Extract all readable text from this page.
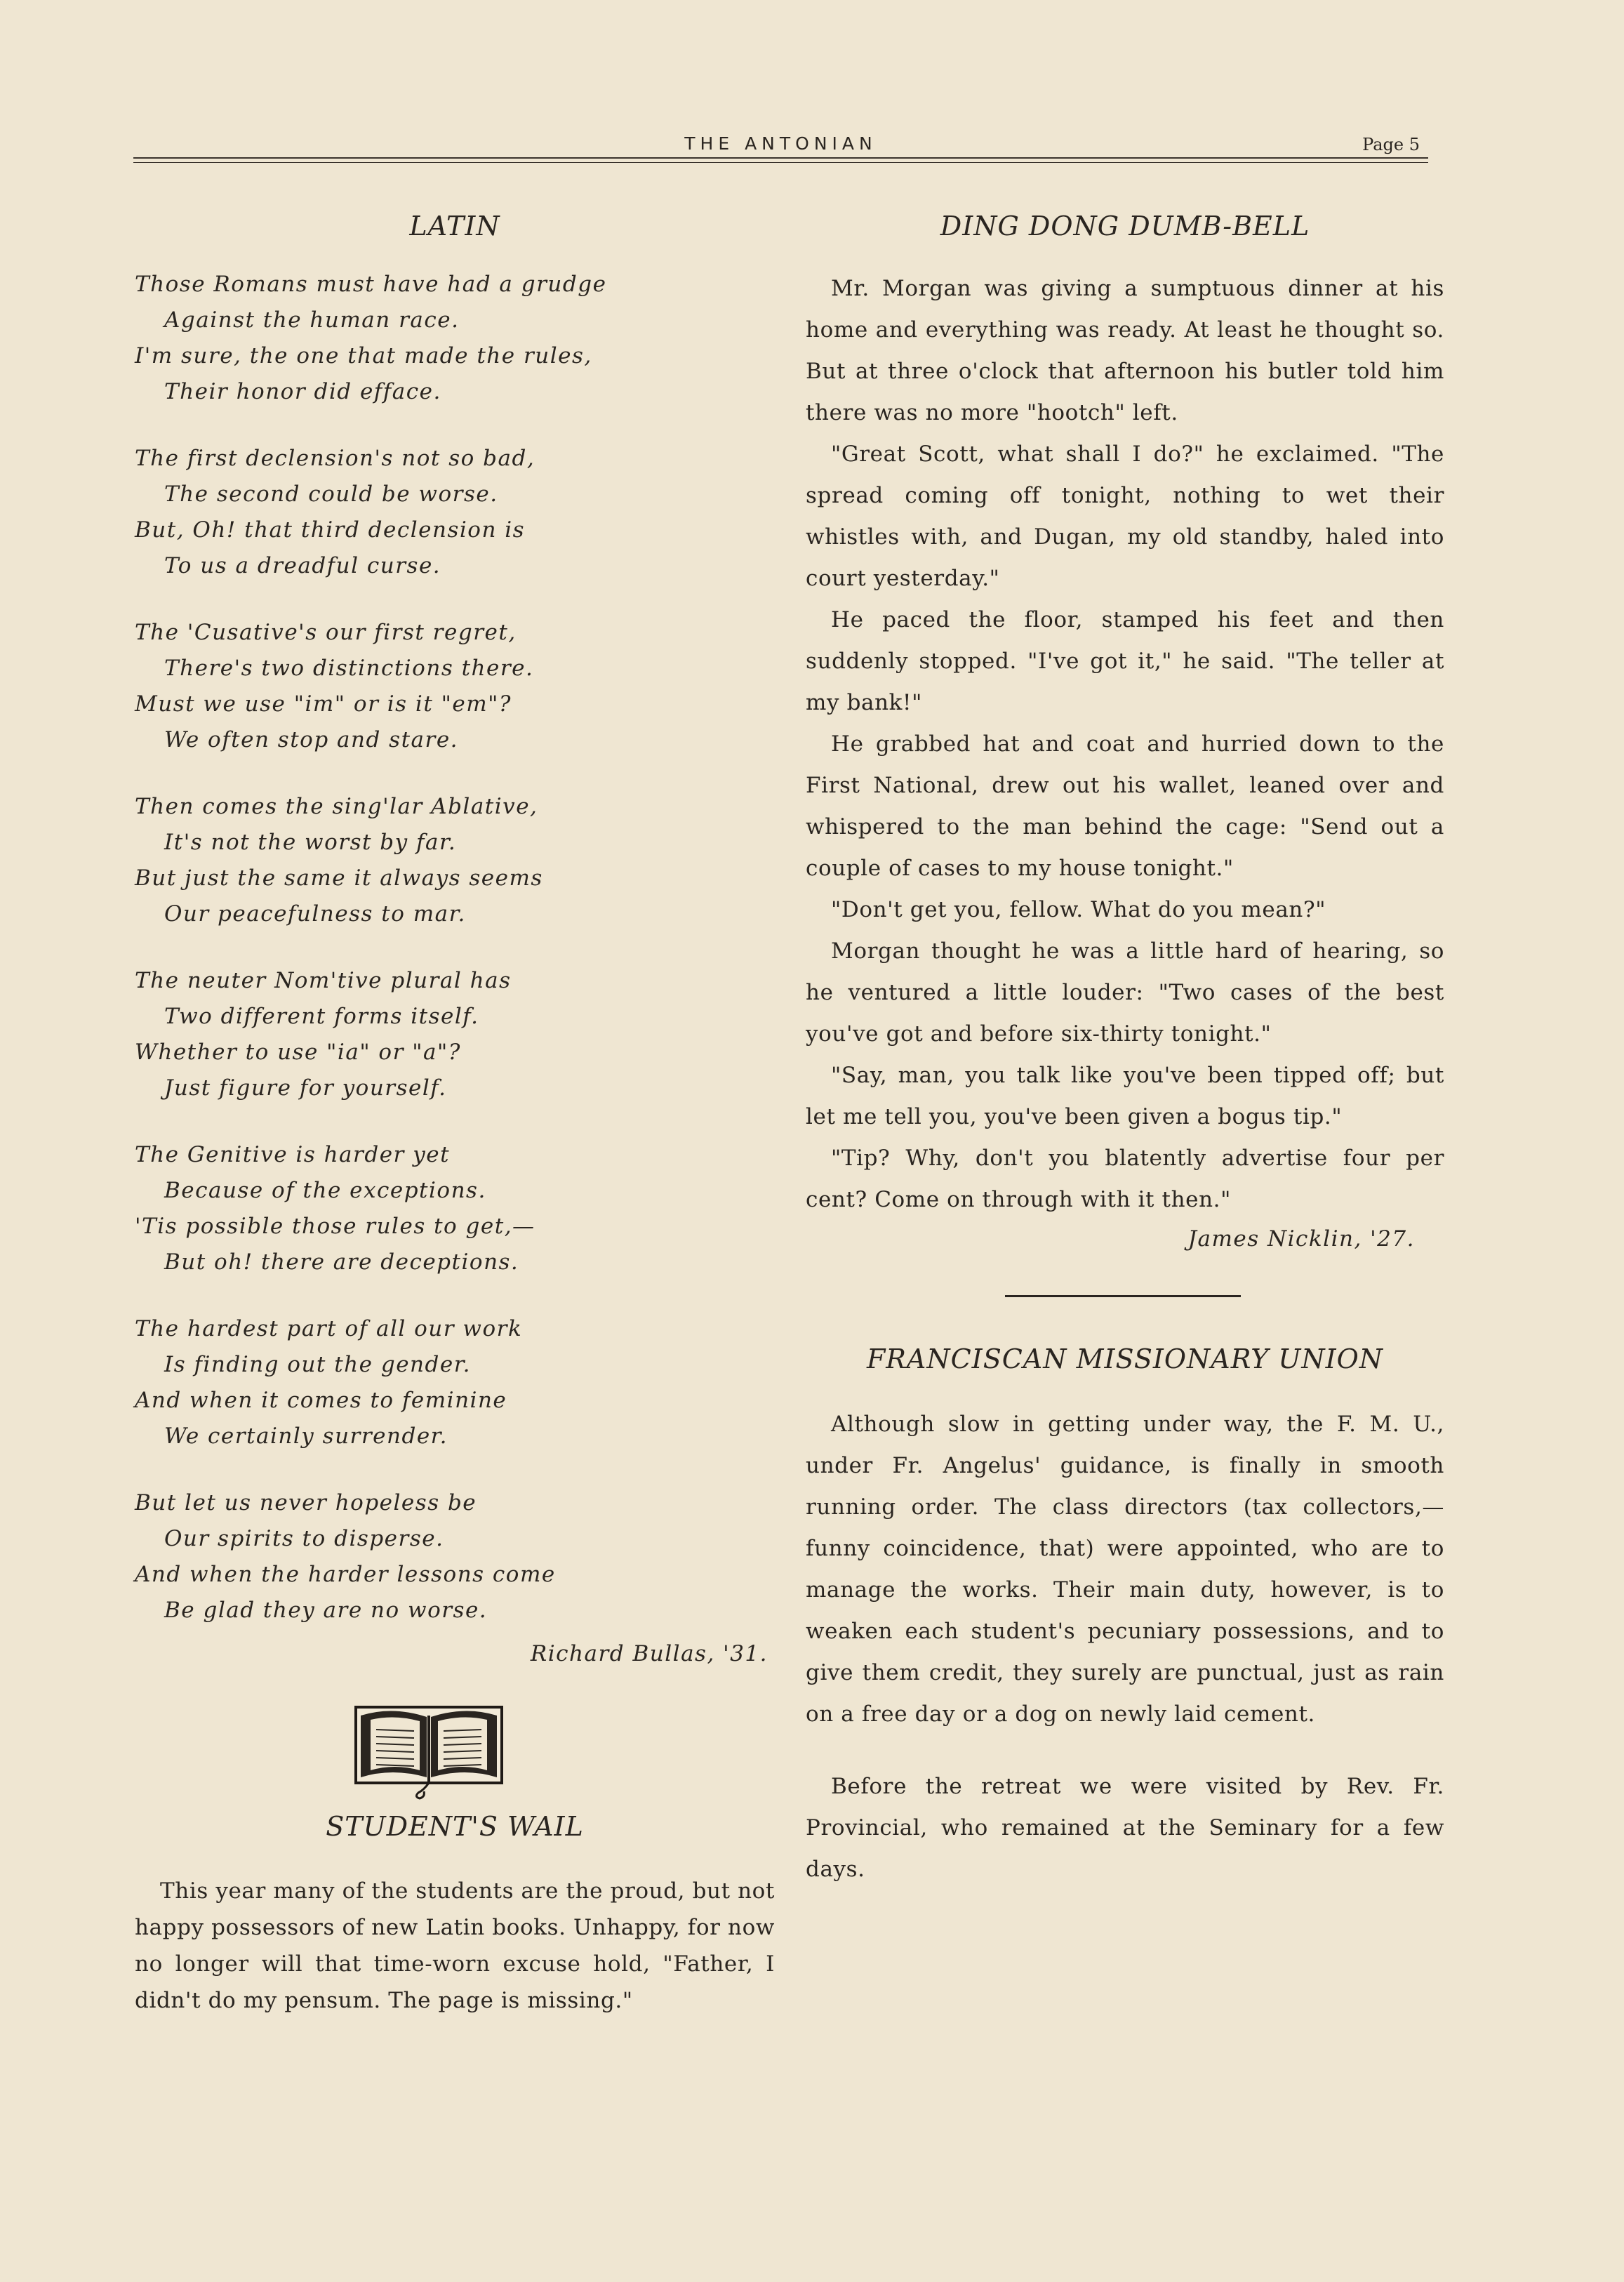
THE ANTONIAN	Page 5
LATIN
Those Romans must have had a grudge
Against the human race.
I'm sure, the one that made the rules,
Their honor did efface.
The first declension's not so bad,
The second could be worse.
But, Oh! that third declension is
To us a dreadful curse.
The 'Cusative's our first regret,
There's two distinctions there.
Must we use "im" or is it "em"?
We often stop and stare.
Then comes the sing'lar Ablative,
It's not the worst by far.
But just the same it always seems
Our peacefulness to mar.
The neuter Nom'tive plural has
Two different forms itself.
Whether to use "ia" or "a"?
Just figure for yourself.
The Genitive is harder yet
Because of the exceptions.
'Tis possible those rules to get,—
But oh! there are deceptions.
The hardest part of all our work
Is finding out the gender.
And when it comes to feminine
We certainly surrender.
But let us never hopeless be
Our spirits to disperse.
And when the harder lessons come
Be glad they are no worse.
Richard Bullas, '31.
STUDENT'S WAIL

This year many of the students are the proud, but not happy possessors of new Latin books. Unhappy, for now no longer will that time-worn excuse hold, "Father, I didn't do my pensum. The page is missing."

DING DONG DUMB-BELL

Mr. Morgan was giving a sumptuous dinner at his home and everything was ready. At least he thought so. But at three o'clock that afternoon his butler told him there was no more "hootch" left.

"Great Scott, what shall I do?" he exclaimed. "The spread coming off tonight, nothing to wet their whistles with, and Dugan, my old standby, haled into court yesterday."

He paced the floor, stamped his feet and then suddenly stopped. "I've got it," he said. "The teller at my bank!"

He grabbed hat and coat and hurried down to the First National, drew out his wallet, leaned over and whispered to the man behind the cage: "Send out a couple of cases to my house tonight."

"Don't get you, fellow. What do you mean?"

Morgan thought he was a little hard of hearing, so he ventured a little louder: "Two cases of the best you've got and before six-thirty tonight."

"Say, man, you talk like you've been tipped off; but let me tell you, you've been given a bogus tip."

"Tip? Why, don't you blatently advertise four per cent? Come on through with it then."

James Nicklin, '27.
FRANCISCAN MISSIONARY UNION

Although slow in getting under way, the F. M. U., under Fr. Angelus' guidance, is finally in smooth running order. The class directors (tax collectors,—funny coincidence, that) were appointed, who are to manage the works. Their main duty, however, is to weaken each student's pecuniary possessions, and to give them credit, they surely are punctual, just as rain on a free day or a dog on newly laid cement.

Before the retreat we were visited by Rev. Fr. Provincial, who remained at the Seminary for a few days.
